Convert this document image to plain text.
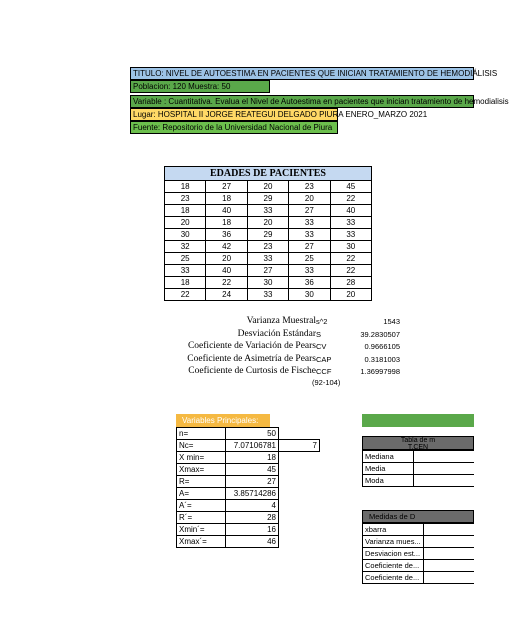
TITULO: NIVEL DE AUTOESTIMA EN PACIENTES QUE INICIAN TRATAMIENTO DE HEMODIÁLISIS
Poblacion: 120 Muestra: 50
Variable : Cuantitativa. Evalua el Nivel de Autoestima en pacientes que inician tratamiento de hemodialisis
Lugar: HOSPITAL II JORGE REATEGUI DELGADO PIURA ENERO_MARZO 2021
Fuente: Repositorio de la Universidad Nacional de Piura
EDADES DE PACIENTES				
18	27	20	23	45
23	18	29	20	22
18	40	33	27	40
20	18	20	33	33
30	36	29	33	33
32	42	23	27	30
25	20	33	25	22
33	40	27	33	22
18	22	30	36	28
22	24	33	30	20
Varianza Muestral s^2	1543
Desviación Estándar S	39.2830507
Coeficiente de Variación de Pears CV	0.9666105
Coeficiente de Asimetría de Pears CAP	0.3181003
Coeficiente de Curtosis de Fische CCF	1.36997998
(92-104)
Variables Principales:
n=	50	
Nc=	7.07106781	7
X min=	18	
Xmax=	45	
R=	27	
A=	3.85714286	
A´=	4	
R´=	28	
Xmin´=	16	
Xmax´=	46	
Tabla de m
T.CEN
Mediana	
Media	
Moda	
Medidas de D
xbarra	
Varianza mues...	
Desviacion est...	
Coeficiente de...	
Coeficiente de...	
